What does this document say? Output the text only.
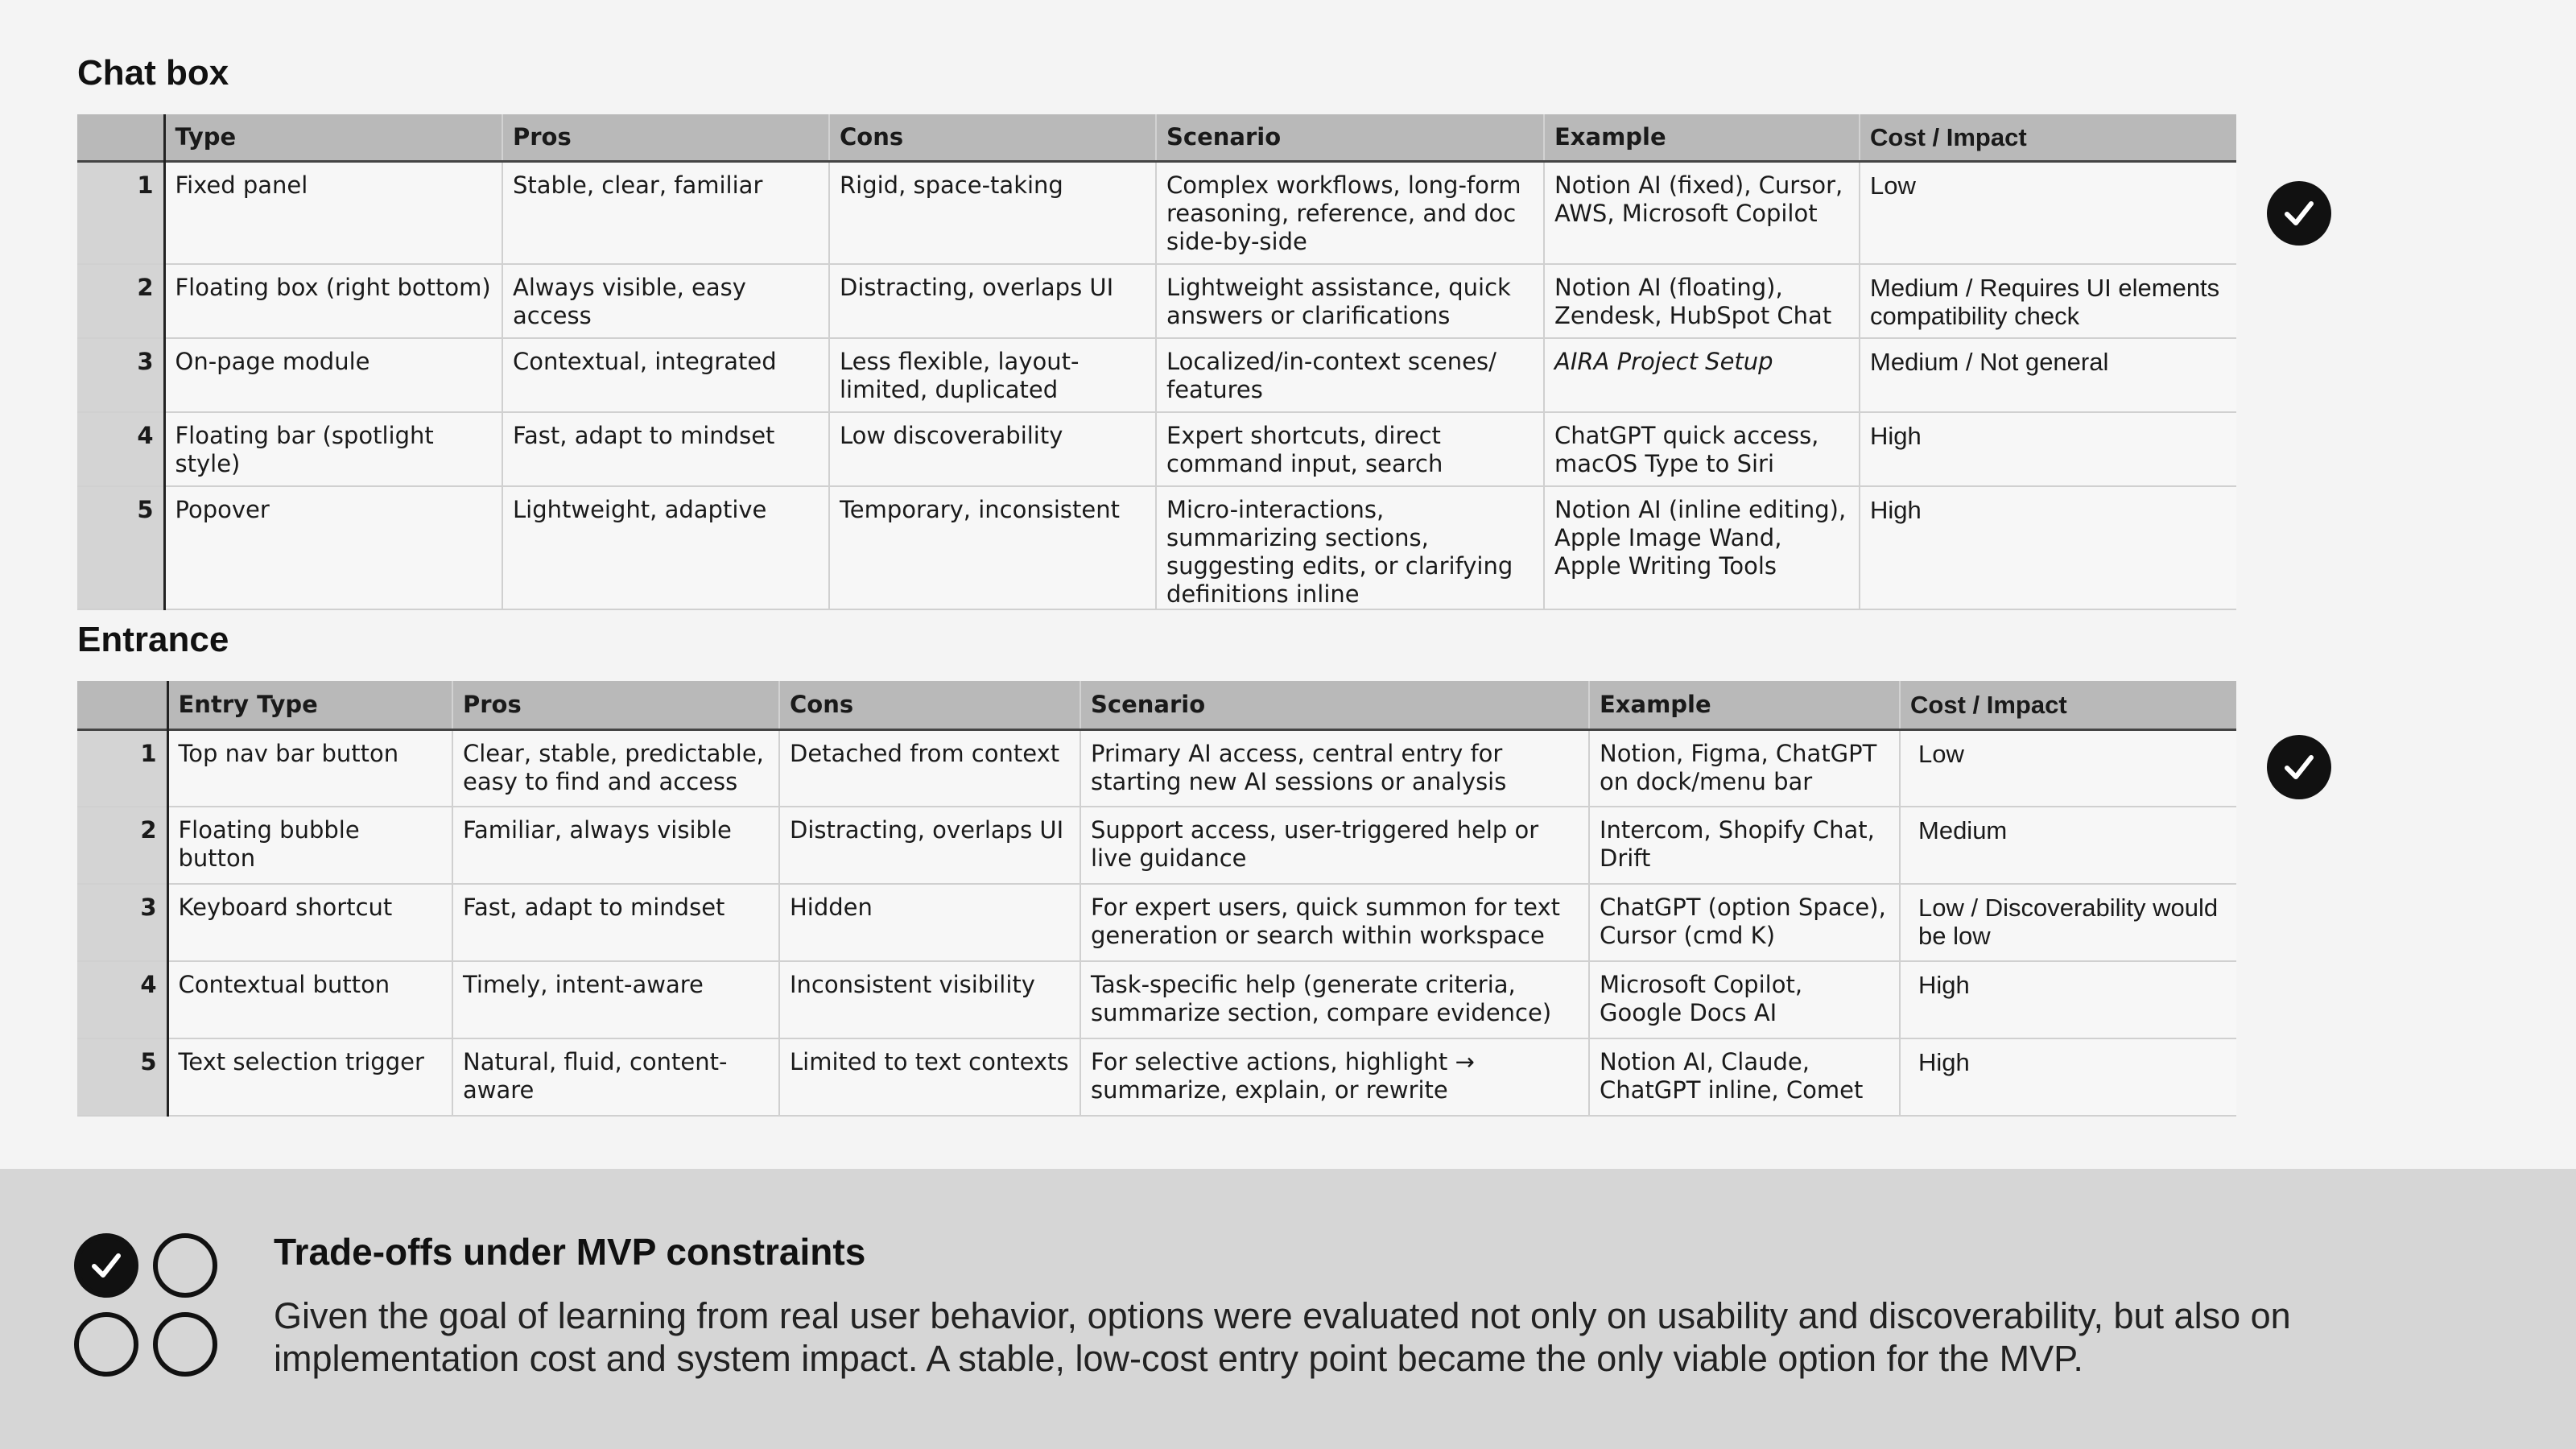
Chat box
	Type	Pros	Cons	Scenario	Example	Cost / Impact
1	Fixed panel	Stable, clear, familiar	Rigid, space-taking	Complex workflows, long-form reasoning, reference, and doc side-by-side	Notion AI (fixed), Cursor, AWS, Microsoft Copilot	Low
2	Floating box (right bottom)	Always visible, easy access	Distracting, overlaps UI	Lightweight assistance, quick answers or clarifications	Notion AI (floating), Zendesk, HubSpot Chat	Medium / Requires UI elements compatibility check
3	On-page module	Contextual, integrated	Less flexible, layout-limited, duplicated	Localized/in-context scenes/ features	AIRA Project Setup	Medium / Not general
4	Floating bar (spotlight style)	Fast, adapt to mindset	Low discoverability	Expert shortcuts, direct command input, search	ChatGPT quick access, macOS Type to Siri	High
5	Popover	Lightweight, adaptive	Temporary, inconsistent	Micro-interactions, summarizing sections, suggesting edits, or clarifying definitions inline	Notion AI (inline editing), Apple Image Wand, Apple Writing Tools	High
Entrance
	Entry Type	Pros	Cons	Scenario	Example	Cost / Impact
1	Top nav bar button	Clear, stable, predictable, easy to find and access	Detached from context	Primary AI access, central entry for starting new AI sessions or analysis	Notion, Figma, ChatGPT on dock/menu bar	Low
2	Floating bubble button	Familiar, always visible	Distracting, overlaps UI	Support access, user-triggered help or live guidance	Intercom, Shopify Chat, Drift	Medium
3	Keyboard shortcut	Fast, adapt to mindset	Hidden	For expert users, quick summon for text generation or search within workspace	ChatGPT (option Space), Cursor (cmd K)	Low / Discoverability would be low
4	Contextual button	Timely, intent-aware	Inconsistent visibility	Task-specific help (generate criteria, summarize section, compare evidence)	Microsoft Copilot, Google Docs AI	High
5	Text selection trigger	Natural, fluid, content-aware	Limited to text contexts	For selective actions, highlight → summarize, explain, or rewrite	Notion AI, Claude, ChatGPT inline, Comet	High
Trade-offs under MVP constraints
Given the goal of learning from real user behavior, options were evaluated not only on usability and discoverability, but also on implementation cost and system impact. A stable, low-cost entry point became the only viable option for the MVP.
